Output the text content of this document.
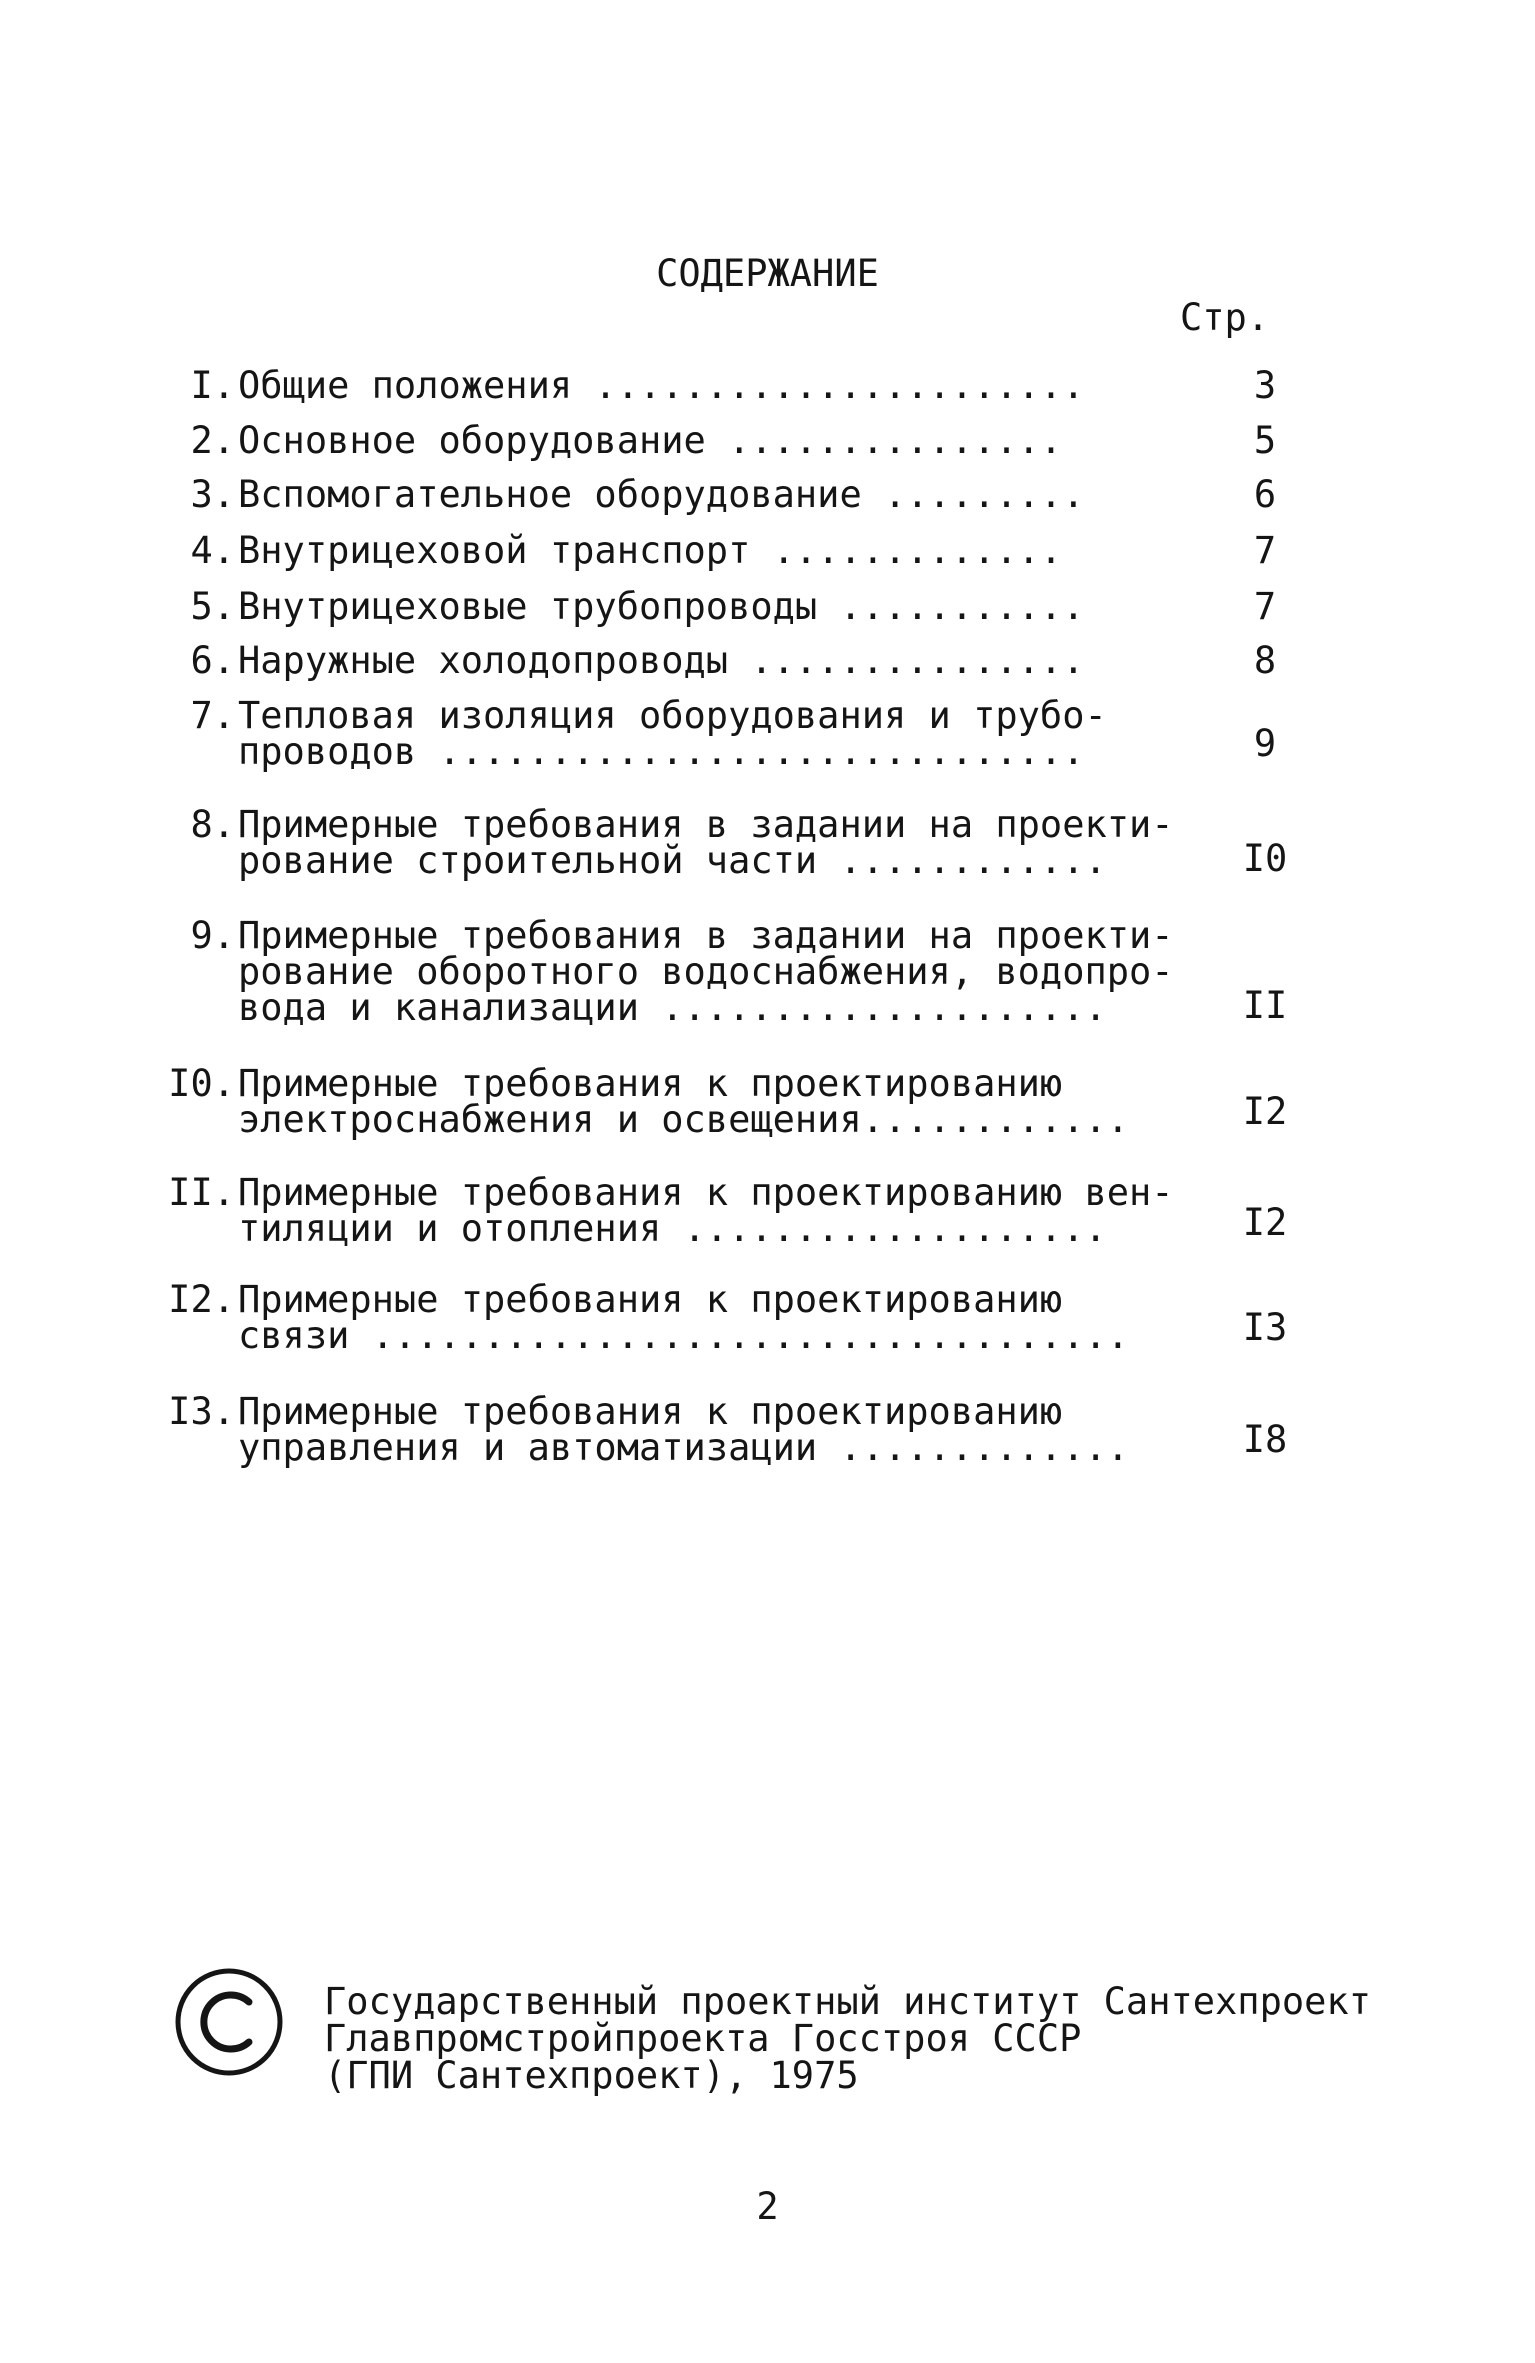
СОДЕРЖАНИЕ
Стр.
I. Общие положения ......................	3
2. Основное оборудование ...............	5
3. Вспомогательное оборудование .........	6
4. Внутрицеховой транспорт .............	7
5. Внутрицеховые трубопроводы ...........	7
6. Наружные холодопроводы ...............	8
7. Тепловая изоляция оборудования и трубо-
проводов .............................	9
8. Примерные требования в задании на проекти-
рование строительной части ............	I0
9. Примерные требования в задании на проекти-
рование оборотного водоснабжения, водопро-
вода и канализации ....................	II
I0. Примерные требования к проектированию
электроснабжения и освещения............	I2
II. Примерные требования к проектированию вен-
тиляции и отопления ...................	I2
I2. Примерные требования к проектированию
связи ..................................	I3
I3. Примерные требования к проектированию
управления и автоматизации .............	I8
Государственный проектный институт Сантехпроект
Главпромстройпроекта Госстроя СССР
(ГПИ Сантехпроект), 1975
2
